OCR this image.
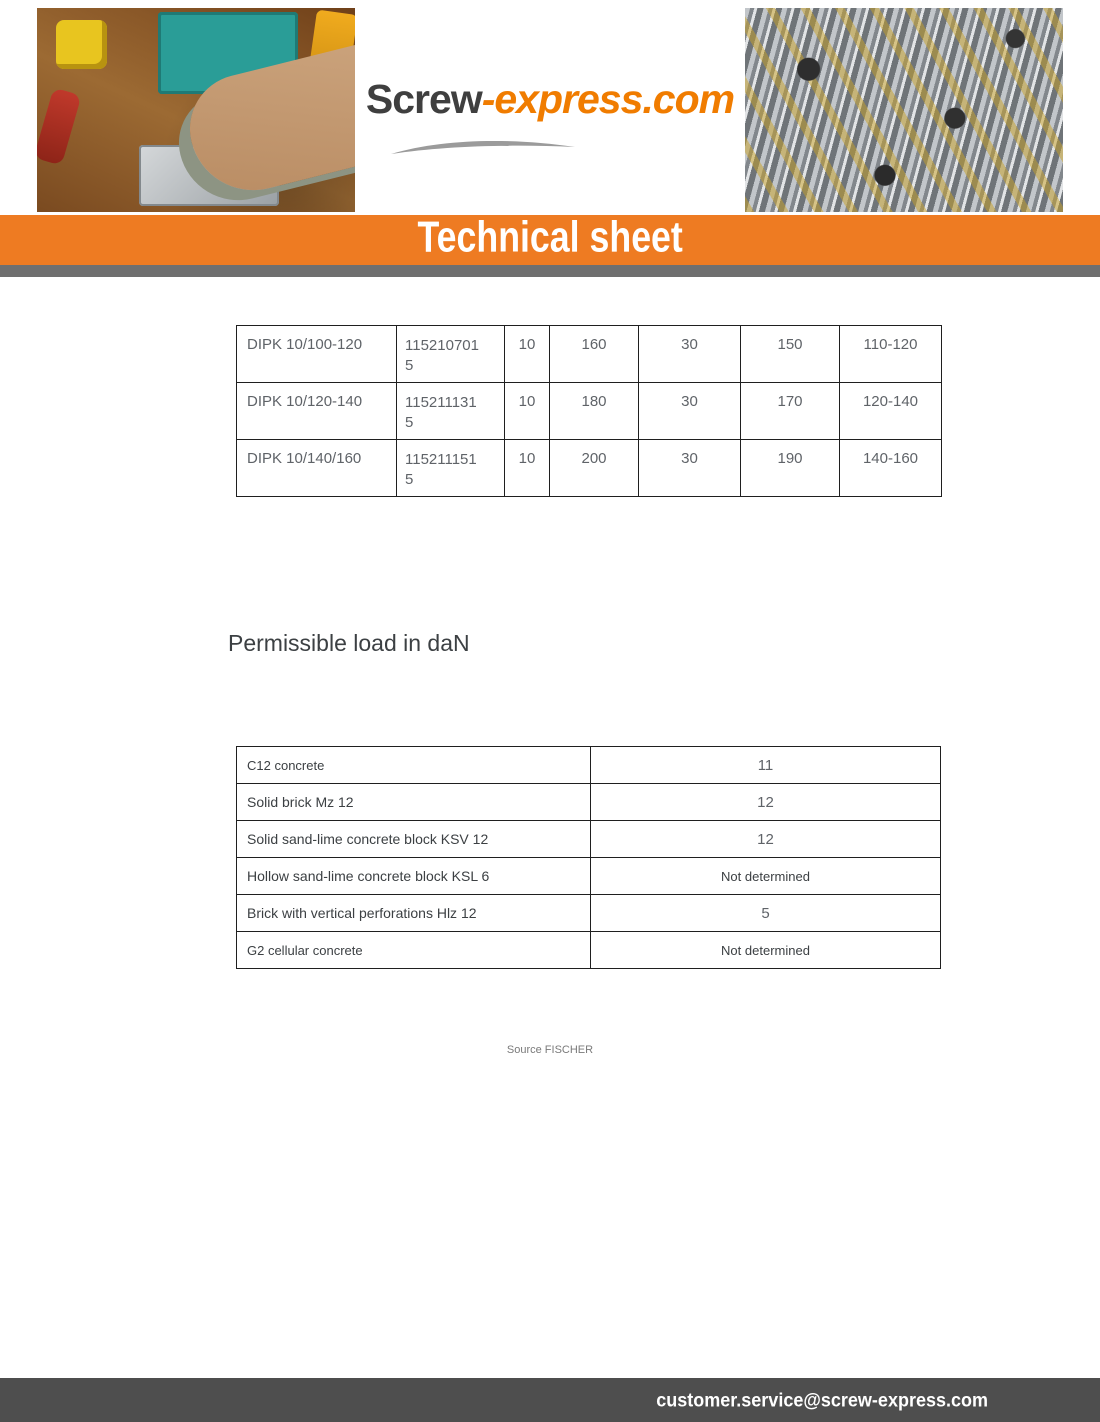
Screw-express.com
Technical sheet
DIPK 10/100-120	1152107015	10	160	30	150	110-120
DIPK 10/120-140	1152111315	10	180	30	170	120-140
DIPK 10/140/160	1152111515	10	200	30	190	140-160
Permissible load in daN
C12 concrete	11
Solid brick Mz 12	12
Solid sand-lime concrete block KSV 12	12
Hollow sand-lime concrete block KSL 6	Not determined
Brick with vertical perforations Hlz 12	5
G2 cellular concrete	Not determined
Source FISCHER
customer.service@screw-express.com
